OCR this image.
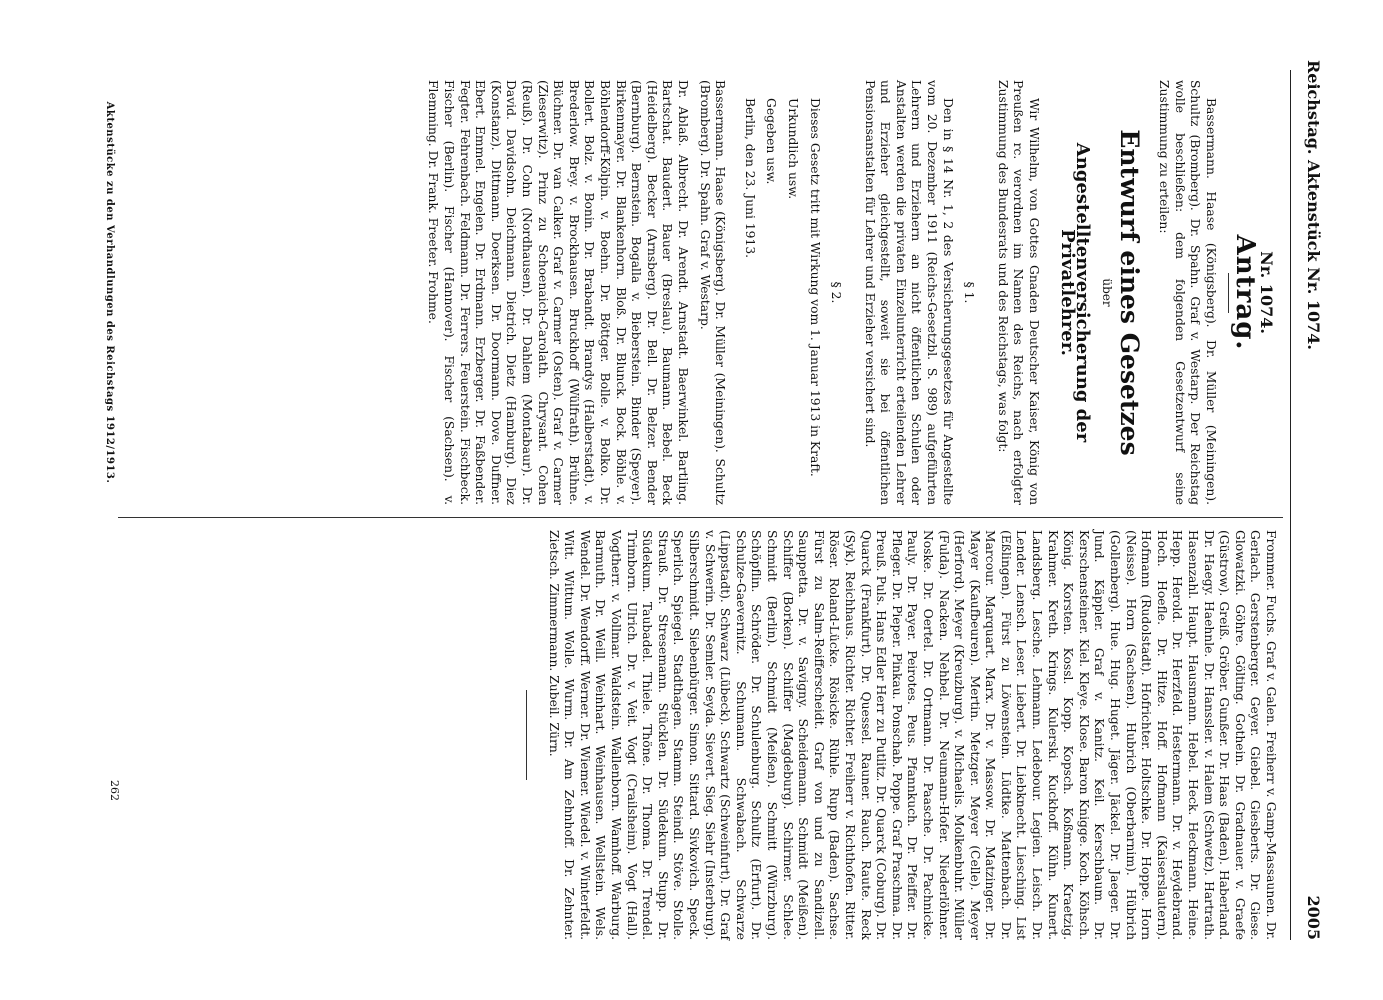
Reichstag. Aktenstück Nr. 1074.
2005
Nr. 1074.
Antrag.

Bassermann. Haase (Königsberg). Dr. Müller (Meiningen). Schultz (Bromberg). Dr. Spahn. Graf v. Westarp. Der Reichstag wolle beschließen: dem folgenden Gesetzentwurf seine Zustimmung zu erteilen:

Entwurf eines Gesetzes
über
Angestelltenversicherung der Privatlehrer.

Wir Wilhelm, von Gottes Gnaden Deutscher Kaiser, König von Preußen rc. verordnen im Namen des Reichs, nach erfolgter Zustimmung des Bundesrats und des Reichstags, was folgt:

§ 1.

Den in § 14 Nr. 1, 2 des Versicherungsgesetzes für Angestellte vom 20. Dezember 1911 (Reichs-Gesetzbl. S. 989) aufgeführten Lehrern und Erziehern an nicht öffentlichen Schulen oder Anstalten werden die privaten Einzelunterricht erteilenden Lehrer und Erzieher gleichgestellt, soweit sie bei öffentlichen Pensionsanstalten für Lehrer und Erzieher versichert sind.

§ 2.

Dieses Gesetz tritt mit Wirkung vom 1. Januar 1913 in Kraft.

Urkundlich usw.

Gegeben usw.

Berlin, den 23. Juni 1913.

Bassermann. Haase (Königsberg). Dr. Müller (Meiningen). Schultz (Bromberg). Dr. Spahn. Graf v. Westarp.

Dr. Ablaß. Albrecht. Dr. Arendt. Arnstadt. Baerwinkel. Bartling. Bartschat. Baudert. Bauer (Breslau). Baumann. Bebel. Beck (Heidelberg). Becker (Arnsberg). Dr. Bell. Dr. Belzer. Bender (Bernburg). Bernstein. Bogalla v. Bieberstein. Binder (Speyer). Birkenmayer. Dr. Blankenhorn. Bloß. Dr. Blunck. Bock. Böhle. v. Böhlendorff-Kölpin. v. Boehn. Dr. Böttger. Bolle. v. Bolko. Dr. Bollert. Bolz. v. Bonin. Dr. Brabandt. Brandys (Halberstadt). v. Brederlow. Brey. v. Brockhausen. Bruckhoff (Wülfrath). Brühne. Büchner. Dr. van Calker. Graf v. Carmer (Osten). Graf v. Carmer (Zieserwitz). Prinz zu Schoenaich-Carolath. Chrysant. Cohen (Reuß). Dr. Cohn (Nordhausen). Dr. Dahlem (Montabaur). Dr. David. Davidsohn. Deichmann. Dietrich. Dietz (Hamburg). Diez (Konstanz). Dittmann. Doerksen. Dr. Doormann. Dove. Duffner. Ebert. Emmel. Engelen. Dr. Erdmann. Erzberger. Dr. Faßbender. Fegter. Fehrenbach. Feldmann. Dr. Ferrers. Feuerstein. Fischbeck. Fischer (Berlin). Fischer (Hannover). Fischer (Sachsen). v. Flemming. Dr. Frank. Freeter. Frohme.

Frommer. Fuchs. Graf v. Galen. Freiherr v. Gamp-Massaunen. Dr. Gerlach. Gerstenberger. Geyer. Giebel. Giesberts. Dr. Giese. Glowatzki. Göhre. Gölting. Gothein. Dr. Gradnauer. v. Graefe (Güstrow). Greiß. Gröber. Gunßer. Dr. Haas (Baden). Haberland. Dr. Haegy. Haehnle. Dr. Hanssler. v. Halem (Schwetz). Hartrath. Hasenzahl. Haupt. Hausmann. Hebel. Heck. Heckmann. Heine. Hepp. Herold. Dr. Herzfeld. Hestermann. Dr. v. Heydebrand. Hoch. Hoefle. Dr. Hitze. Hoff. Hofmann (Kaiserslautern). Hofmann (Rudolstadt). Hofrichter. Holtschke. Dr. Hoppe. Horn (Neisse). Horn (Sachsen). Hubrich (Oberbarnim). Hübrich (Gollenberg). Hue. Hug. Huget. Jäger. Jäckel. Dr. Jaeger. Dr. Jund. Käppler. Graf v. Kanitz. Keil. Kerschbaum. Dr. Kerschensteiner. Kiel. Kleye. Klose. Baron Knigge. Koch. Köhsch. König. Korsten. Kossl. Kopp. Kopsch. Koßmann. Kraetzig. Krahmer. Kreth. Krings. Kulerski. Kuckhoff. Kühn. Kunert. Landsberg. Lesche. Lehmann. Ledebour. Legien. Leisch. Dr. Lender. Lensch. Leser. Liebert. Dr. Liebknecht. Liesching. List (Eßlingen). Fürst zu Löwenstein. Lüdtke. Mattenbach. Dr. Marcour. Marquart. Marx. Dr. v. Massow. Dr. Matzinger. Dr. Mayer (Kaufbeuren). Mertin. Metzger. Meyer (Celle). Meyer (Herford). Meyer (Kreuzburg). v. Michaelis. Molkenbuhr. Müller (Fulda). Nacken. Nehbel. Dr. Neumann-Hofer. Niederlöhner. Noske. Dr. Oertel. Dr. Ortmann. Dr. Paasche. Dr. Pachnicke. Pauly. Dr. Payer. Peirotes. Peus. Pfannkuch. Dr. Pfeiffer. Dr. Pfleger. Dr. Pieper. Pinkau. Ponschab. Poppe. Graf Praschma. Dr. Preuß. Puls. Hans Edler Herr zu Putlitz. Dr. Quarck (Coburg). Dr. Quarck (Frankfurt). Dr. Quessel. Rauner. Rauch. Raute. Reck (Syk). Reichhaus. Richter. Richter. Freiherr v. Richthofen. Ritter. Röser. Roland-Lücke. Rösicke. Rühle. Rupp (Baden). Sachse. Fürst zu Salm-Reifferscheidt. Graf von und zu Sandizell. Sauppetta. Dr. v. Savigny. Scheidemann. Schmidt (Meißen). Schiffer (Borken). Schiffer (Magdeburg). Schirmer. Schlee. Schmidt (Berlin). Schmidt (Meißen). Schmitt (Würzburg). Schöpflin. Schröder. Dr. Schulenburg. Schultz (Erfurt). Dr. Schulze-Gaevernitz. Schumann. Schwabach. Schwarze (Lippstadt). Schwarz (Lübeck). Schwartz (Schweinfurt). Dr. Graf v. Schwerin. Dr. Semler. Seyda. Sievert. Sieg. Siehr (Insterburg). Silberschmidt. Siebenbürger. Simon. Sittard. Sivkovich. Speck. Sperlich. Spiegel. Stadthagen. Stamm. Steindl. Stöve. Stolle. Strauß. Dr. Stresemann. Stücklen. Dr. Südekum. Stupp. Dr. Südekum. Taubadel. Thiele. Thöne. Dr. Thoma. Dr. Trendel. Trimborn. Ulrich. Dr. v. Veit. Vogt (Crailsheim). Vogt (Hall). Vogtherr. v. Vollmar. Waldstein. Wallenborn. Wamhoff. Warburg. Barmuth. Dr. Weill. Weinhart. Weinhausen. Wellstein. Wels. Wendel. Dr. Wendorff. Werner. Dr. Wiemer. Wiedel. v. Winterfeldt. Witt. Wittum. Wolle. Wurm. Dr. Am Zehnhoff. Dr. Zehnter. Zietsch. Zimmermann. Zubeil. Zürn.

Aktenstücke zu den Verhandlungen des Reichstags 1912/1913.
262
